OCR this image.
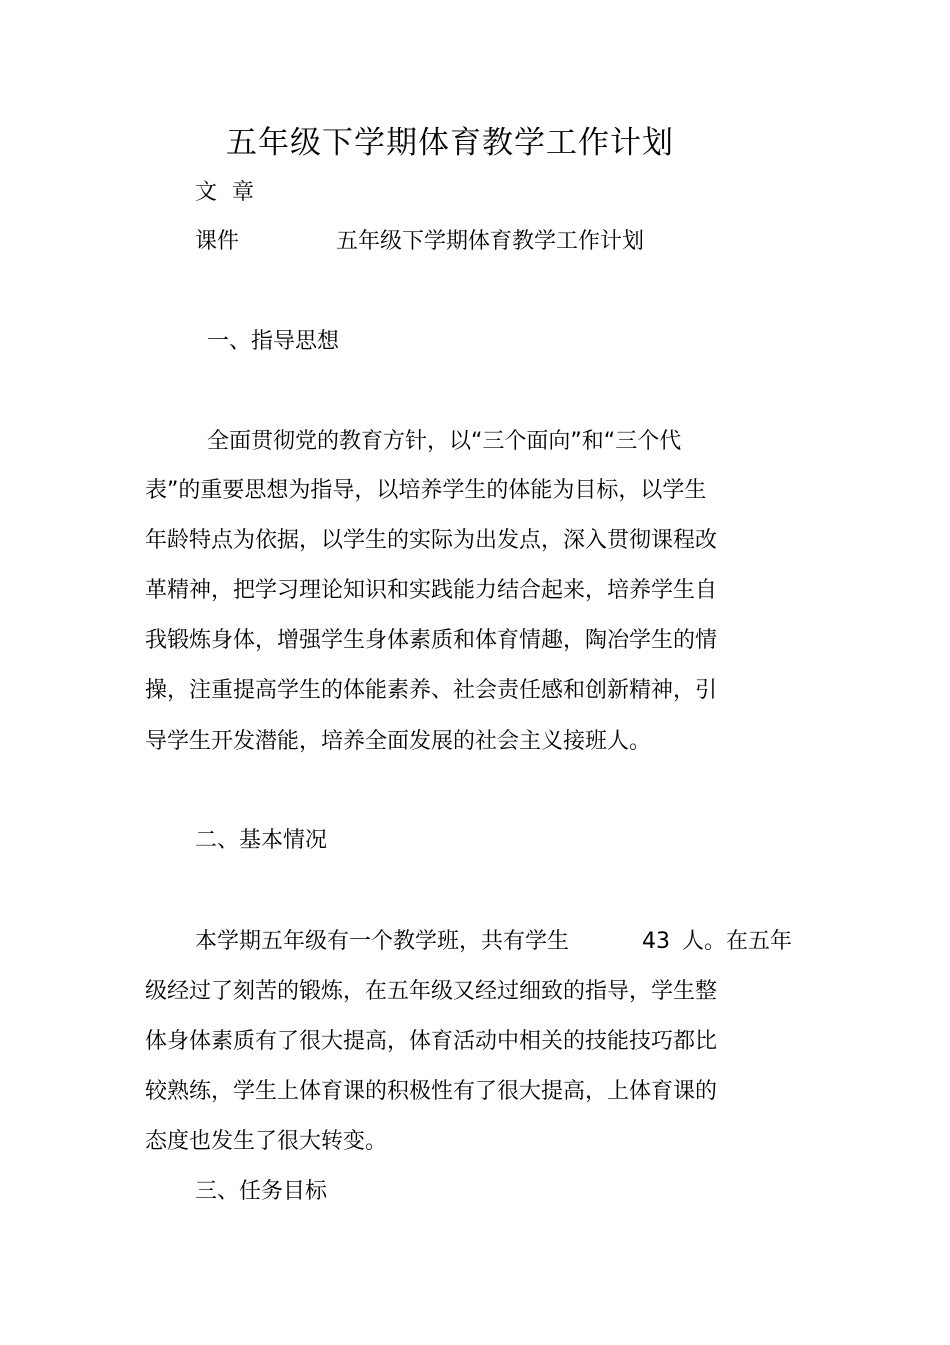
五年级下学期体育教学工作计划
文 章
课件	五年级下学期体育教学工作计划
一、指导思想
全面贯彻党的教育方针，以“三个面向”和“三个代
表”的重要思想为指导，以培养学生的体能为目标，以学生
年龄特点为依据，以学生的实际为出发点，深入贯彻课程改
革精神，把学习理论知识和实践能力结合起来，培养学生自
我锻炼身体，增强学生身体素质和体育情趣，陶冶学生的情
操，注重提高学生的体能素养、社会责任感和创新精神，引
导学生开发潜能，培养全面发展的社会主义接班人。
二、基本情况
本学期五年级有一个教学班，共有学生	43 人。在五年
级经过了刻苦的锻炼，在五年级又经过细致的指导，学生整
体身体素质有了很大提高，体育活动中相关的技能技巧都比
较熟练，学生上体育课的积极性有了很大提高，上体育课的
态度也发生了很大转变。
三、任务目标
